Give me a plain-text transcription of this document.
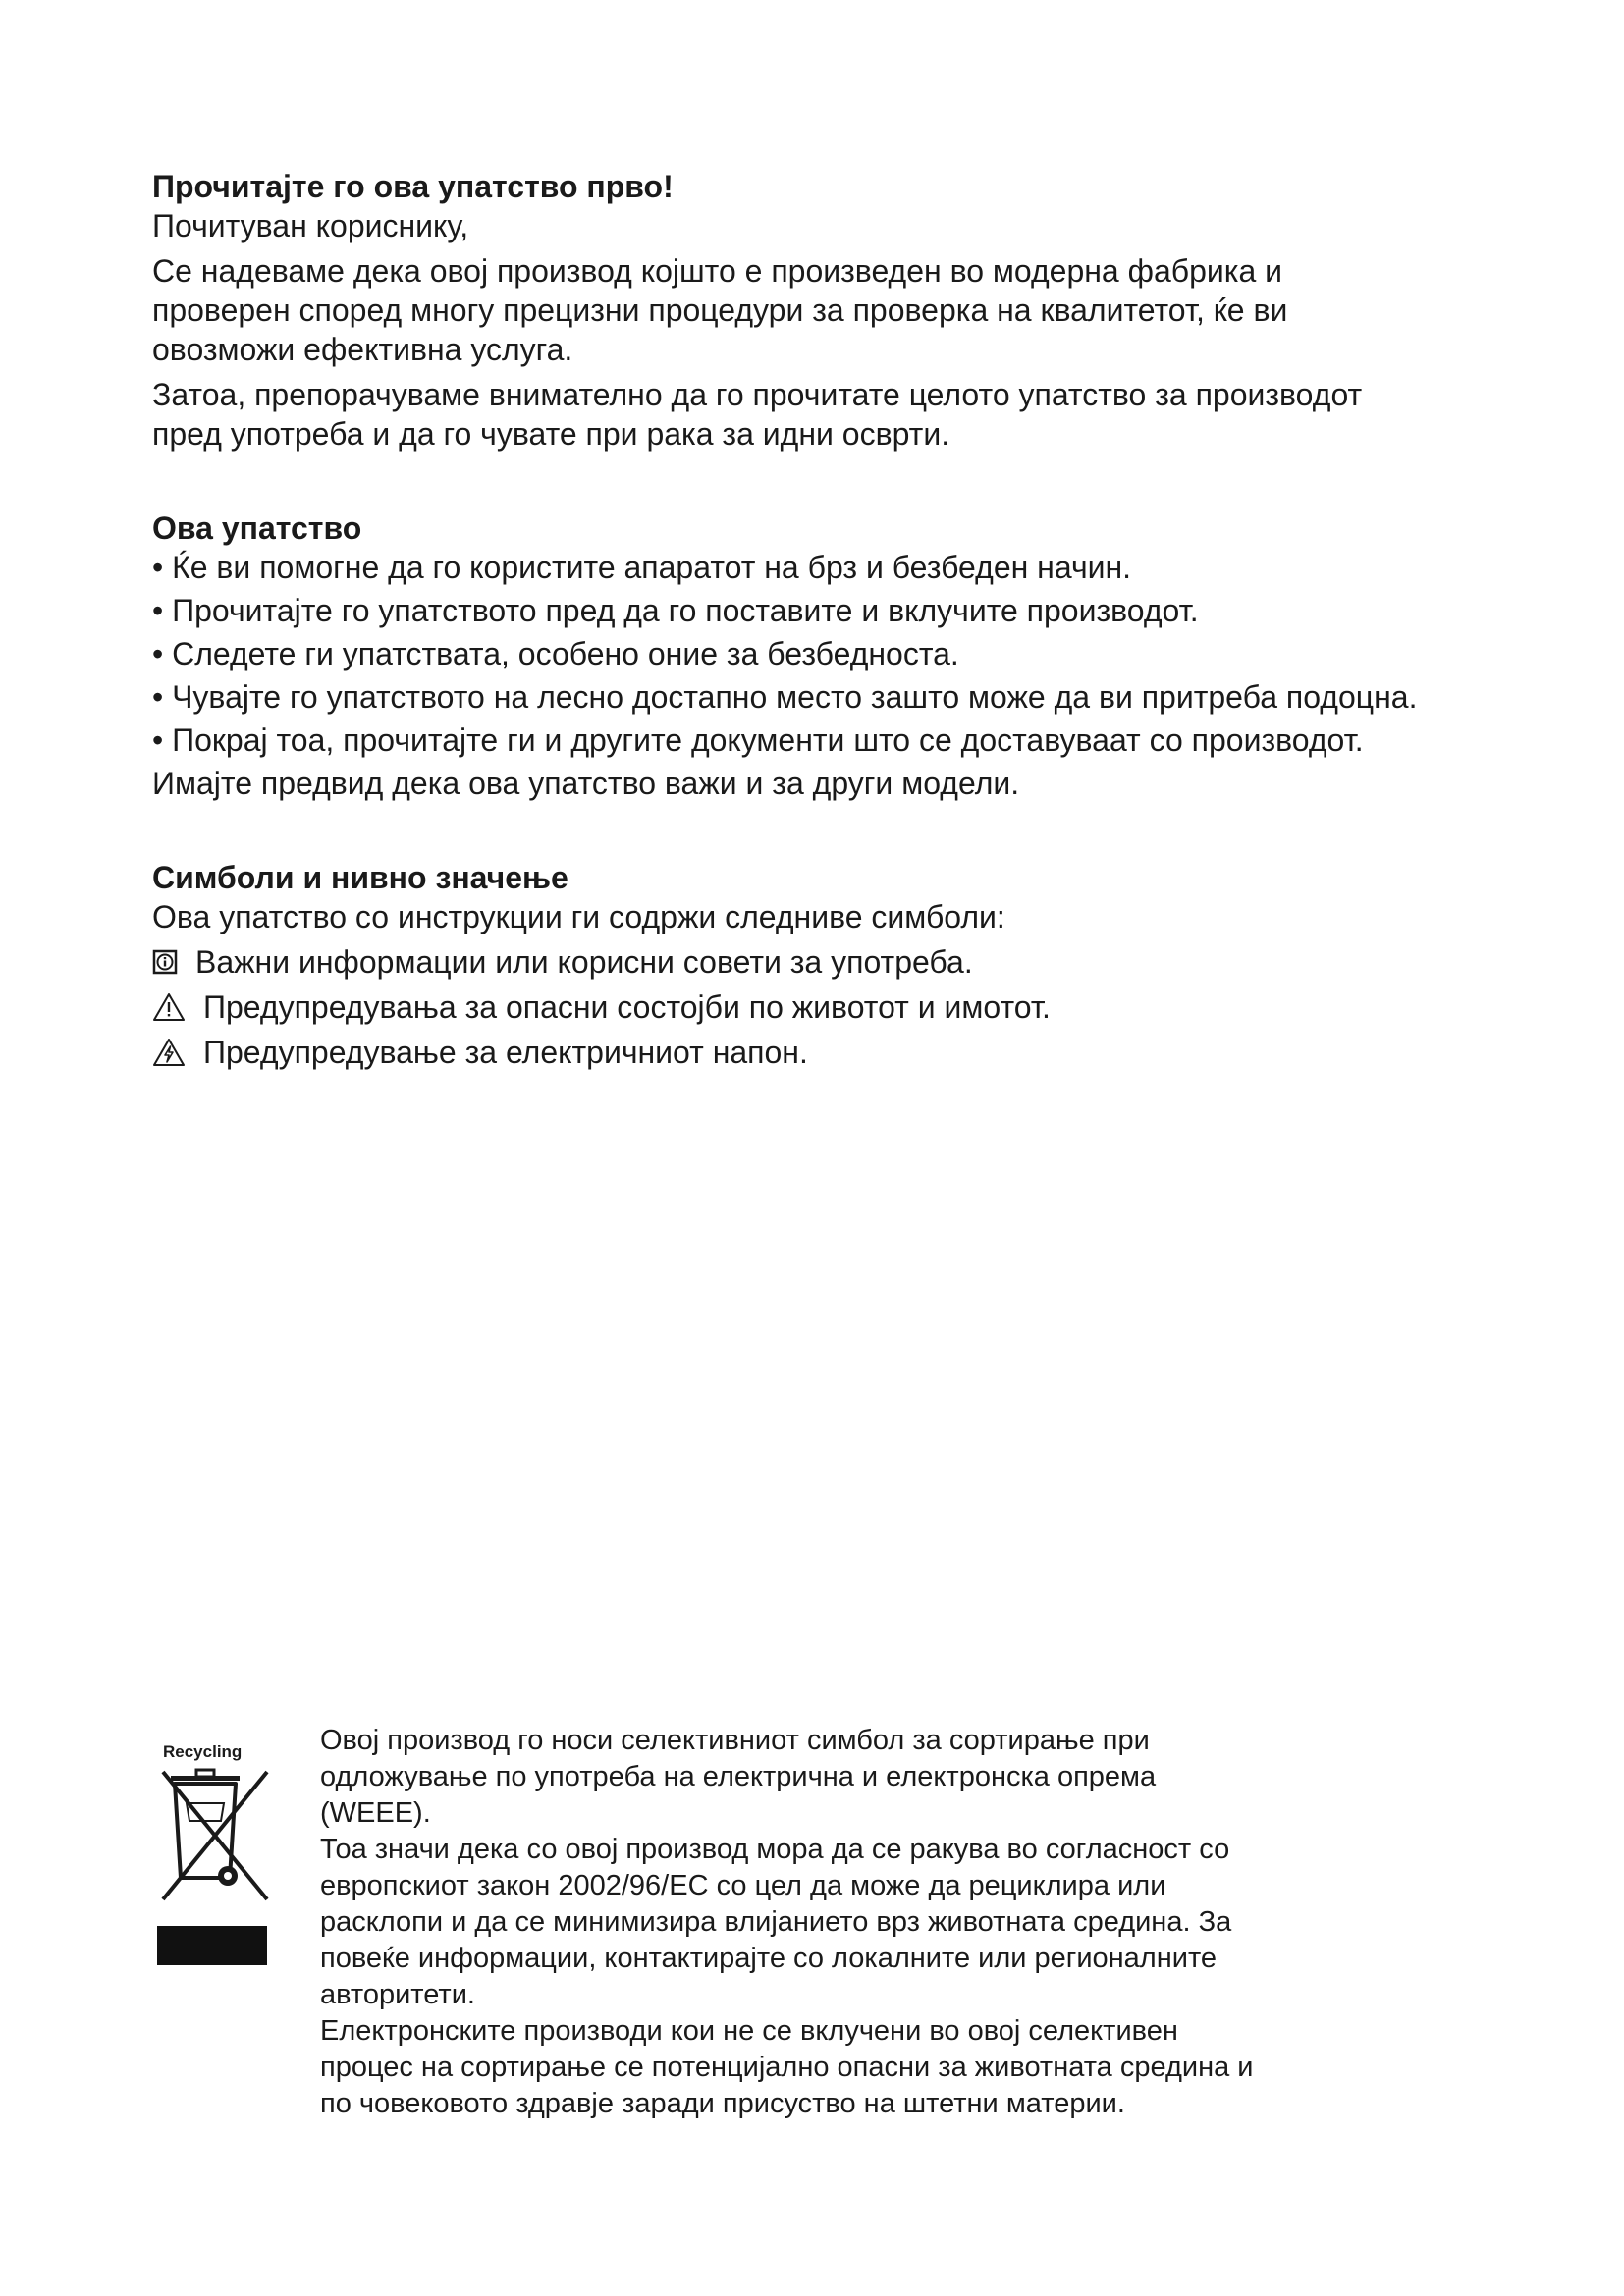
Прочитајте го ова упатство прво!

Почитуван кориснику,

Се надеваме дека овој производ којшто е произведен во модерна фабрика и
проверен според многу прецизни процедури за проверка на квалитетот, ќе ви
овозможи ефективна услуга.

Затоа, препорачуваме внимателно да го прочитате целото упатство за производот
пред употреба и да го чувате при рака за идни осврти.

Ова упатство

• Ќе ви помогне да го користите апаратот на брз и безбеден начин.

• Прочитајте го упатството пред да го поставите и вклучите производот.

• Следете ги упатствата, особено оние за безбедноста.

• Чувајте го упатството на лесно достапно место зашто може да ви притреба подоцна.

• Покрај тоа, прочитајте ги и другите документи што се доставуваат со производот.

Имајте предвид дека ова упатство важи и за други модели.

Симболи и нивно значење

Ова упатство со инструкции ги содржи следниве симболи:

Важни информации или корисни совети за употреба.
Предупредувања за опасни состојби по животот и имотот.
Предупредување за електричниот напон.
Recycling	Овој производ го носи селективниот симбол за сортирање при

одложување по употреба на електрична и електронска опрема

(WEEE).

Тоа значи дека со овој производ мора да се ракува во согласност со

европскиот закон 2002/96/EC со цел да може да рециклира или

расклопи и да се минимизира влијанието врз животната средина. За

повеќе информации, контактирајте со локалните или регионалните

авторитети.

Електронските производи кои не се вклучени во овој селективен

процес на сортирање се потенцијално опасни за животната средина и

по човековото здравје заради присуство на штетни материи.
